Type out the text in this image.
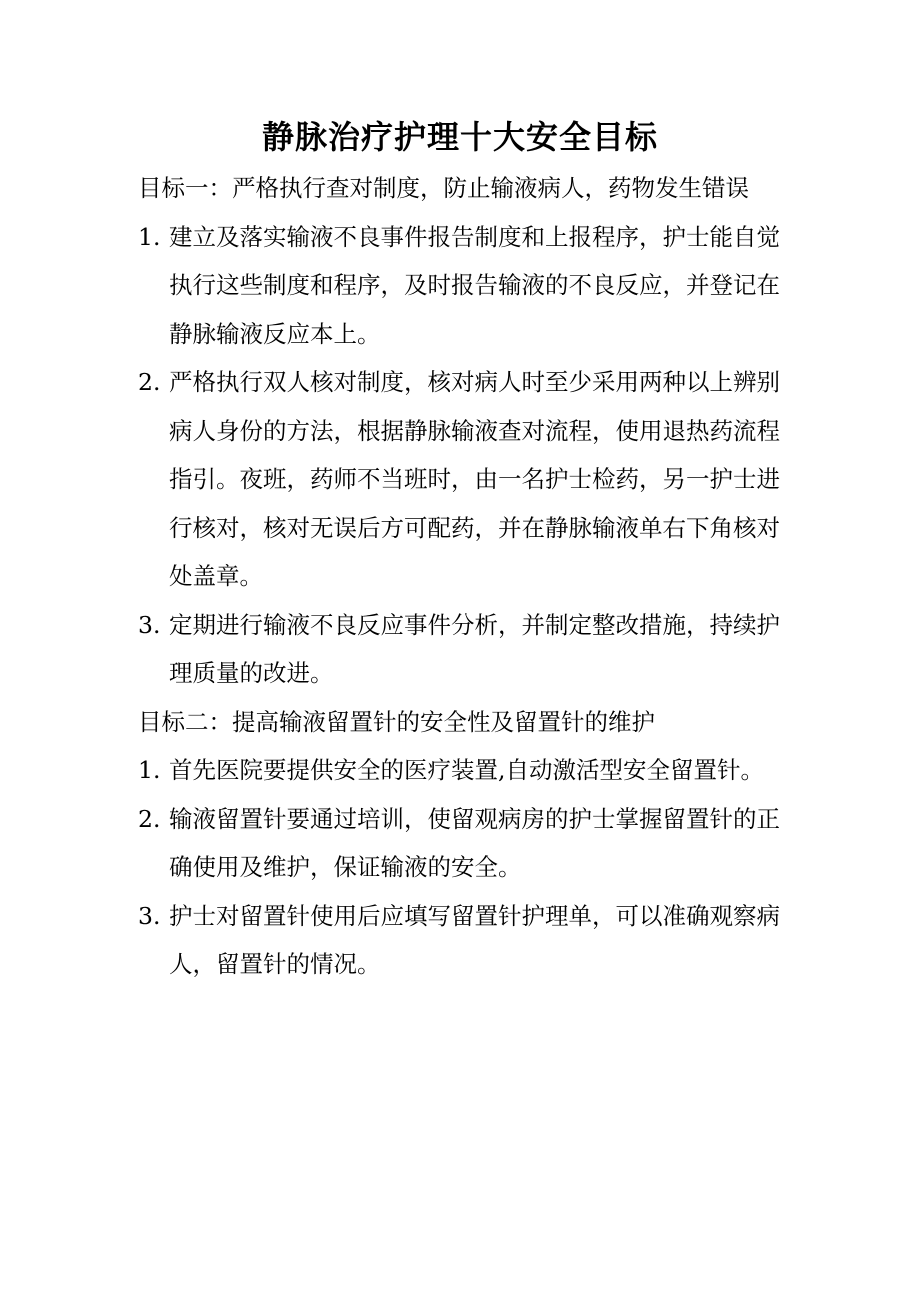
静脉治疗护理十大安全目标

目标一：严格执行查对制度，防止输液病人，药物发生错误

1. 建立及落实输液不良事件报告制度和上报程序，护士能自觉执行这些制度和程序，及时报告输液的不良反应，并登记在静脉输液反应本上。
2. 严格执行双人核对制度，核对病人时至少采用两种以上辨别病人身份的方法，根据静脉输液查对流程，使用退热药流程指引。夜班，药师不当班时，由一名护士检药，另一护士进行核对，核对无误后方可配药，并在静脉输液单右下角核对处盖章。
3. 定期进行输液不良反应事件分析，并制定整改措施，持续护理质量的改进。

目标二：提高输液留置针的安全性及留置针的维护

1. 首先医院要提供安全的医疗装置,自动激活型安全留置针。
2. 输液留置针要通过培训，使留观病房的护士掌握留置针的正确使用及维护，保证输液的安全。
3. 护士对留置针使用后应填写留置针护理单，可以准确观察病人，留置针的情况。
